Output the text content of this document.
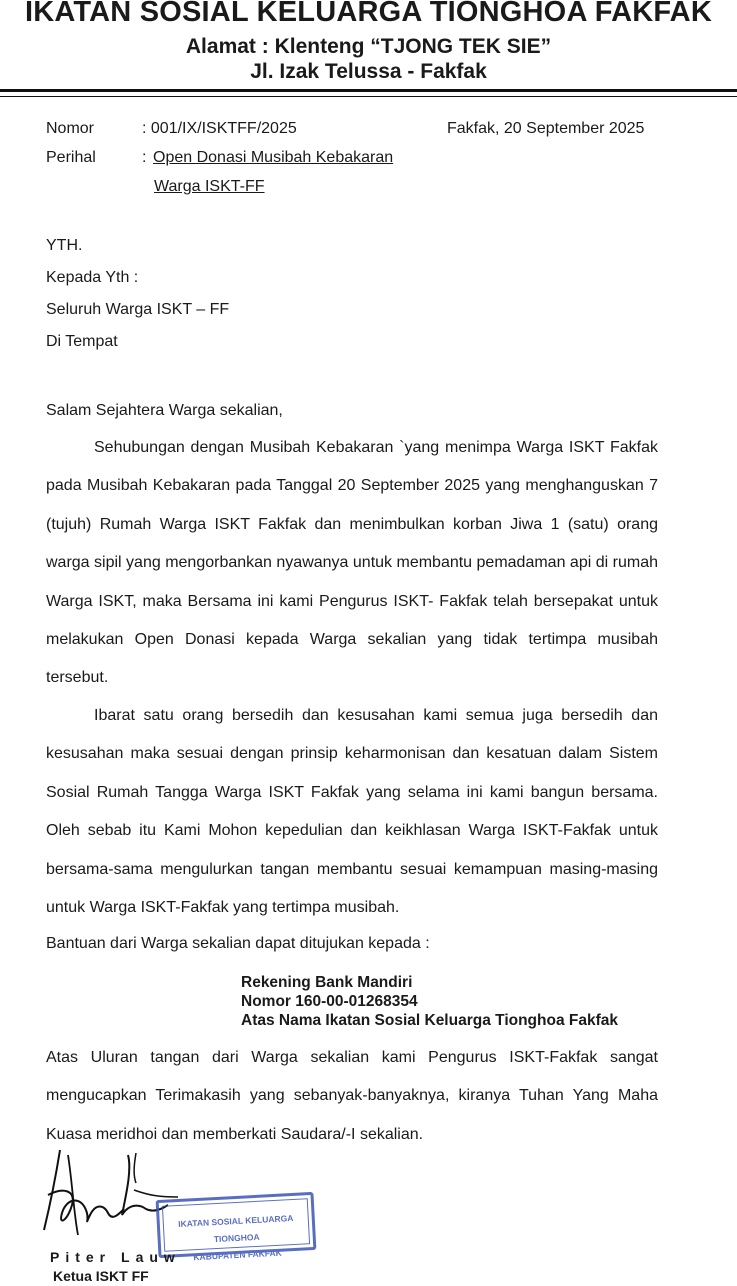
IKATAN SOSIAL KELUARGA TIONGHOA FAKFAK
Alamat : Klenteng “TJONG TEK SIE”
Jl. Izak Telussa - Fakfak
Nomor	: 001/IX/ISKTFF/2025	Fakfak, 20 September 2025
Perihal	: Open Donasi Musibah Kebakaran
Warga ISKT-FF
YTH.
Kepada Yth :
Seluruh Warga ISKT – FF
Di Tempat
Salam Sejahtera Warga sekalian,
Sehubungan dengan Musibah Kebakaran `yang menimpa Warga ISKT Fakfak pada Musibah Kebakaran pada Tanggal 20 September 2025 yang menghanguskan 7 (tujuh) Rumah Warga ISKT Fakfak dan menimbulkan korban Jiwa 1 (satu) orang warga sipil yang mengorbankan nyawanya untuk membantu pemadaman api di rumah Warga ISKT, maka Bersama ini kami Pengurus ISKT- Fakfak telah bersepakat untuk melakukan Open Donasi kepada Warga sekalian yang tidak tertimpa musibah tersebut.
Ibarat satu orang bersedih dan kesusahan kami semua juga bersedih dan kesusahan maka sesuai dengan prinsip keharmonisan dan kesatuan dalam Sistem Sosial Rumah Tangga Warga ISKT Fakfak yang selama ini kami bangun bersama. Oleh sebab itu Kami Mohon kepedulian dan keikhlasan Warga ISKT-Fakfak untuk bersama-sama mengulurkan tangan membantu sesuai kemampuan masing-masing untuk Warga ISKT-Fakfak yang tertimpa musibah.
Bantuan dari Warga sekalian dapat ditujukan kepada :
Rekening Bank Mandiri
Nomor 160-00-01268354
Atas Nama Ikatan Sosial Keluarga Tionghoa Fakfak
Atas Uluran tangan dari Warga sekalian kami Pengurus ISKT-Fakfak sangat mengucapkan Terimakasih yang sebanyak-banyaknya, kiranya Tuhan Yang Maha Kuasa meridhoi dan memberkati Saudara/-I sekalian.
IKATAN SOSIAL KELUARGA TIONGHOA
KABUPATEN FAKFAK
Piter Lauw
Ketua ISKT FF
